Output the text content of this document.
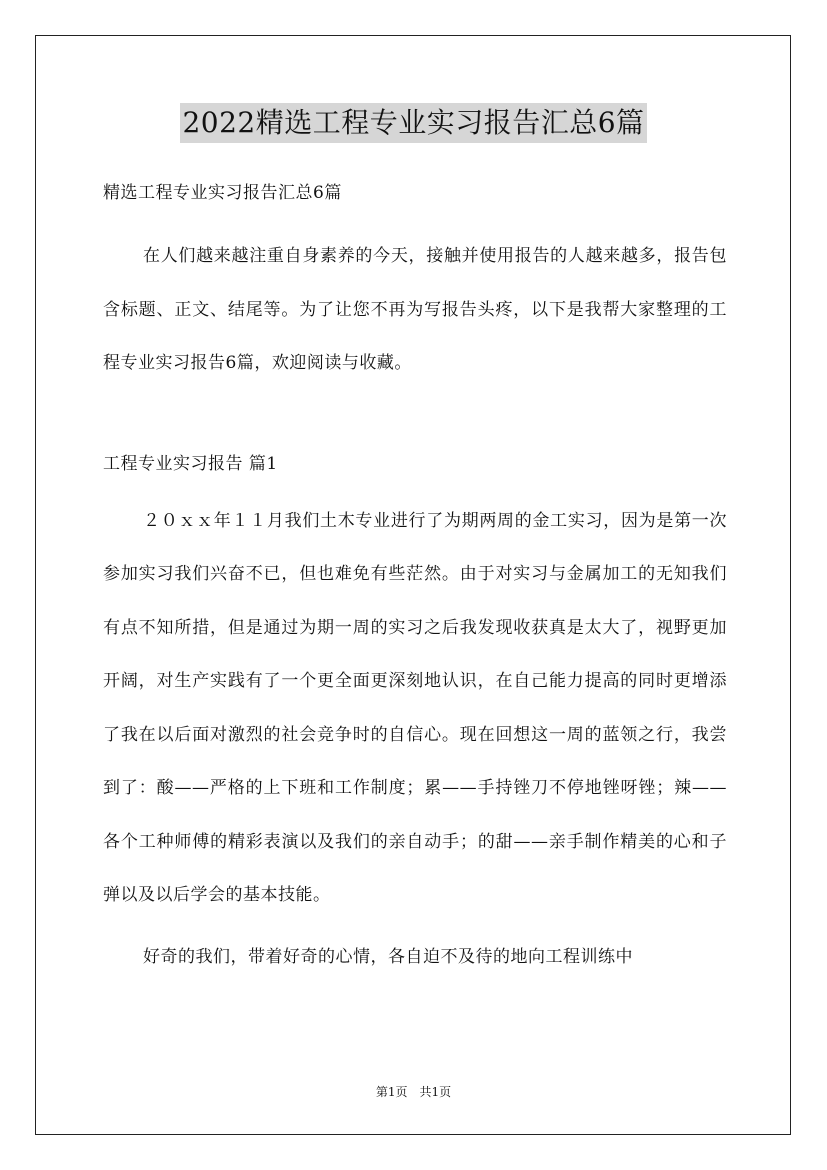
2022精选工程专业实习报告汇总6篇

精选工程专业实习报告汇总6篇

在人们越来越注重自身素养的今天，接触并使用报告的人越来越多，报告包含标题、正文、结尾等。为了让您不再为写报告头疼，以下是我帮大家整理的工程专业实习报告6篇，欢迎阅读与收藏。

工程专业实习报告 篇1

２０ｘｘ年１１月我们土木专业进行了为期两周的金工实习，因为是第一次参加实习我们兴奋不已，但也难免有些茫然。由于对实习与金属加工的无知我们有点不知所措，但是通过为期一周的实习之后我发现收获真是太大了，视野更加开阔，对生产实践有了一个更全面更深刻地认识，在自己能力提高的同时更增添了我在以后面对激烈的社会竞争时的自信心。现在回想这一周的蓝领之行，我尝到了：酸——严格的上下班和工作制度；累——手持锉刀不停地锉呀锉；辣——各个工种师傅的精彩表演以及我们的亲自动手；的甜——亲手制作精美的心和子弹以及以后学会的基本技能。

好奇的我们，带着好奇的心情，各自迫不及待的地向工程训练中

第1页　共1页
